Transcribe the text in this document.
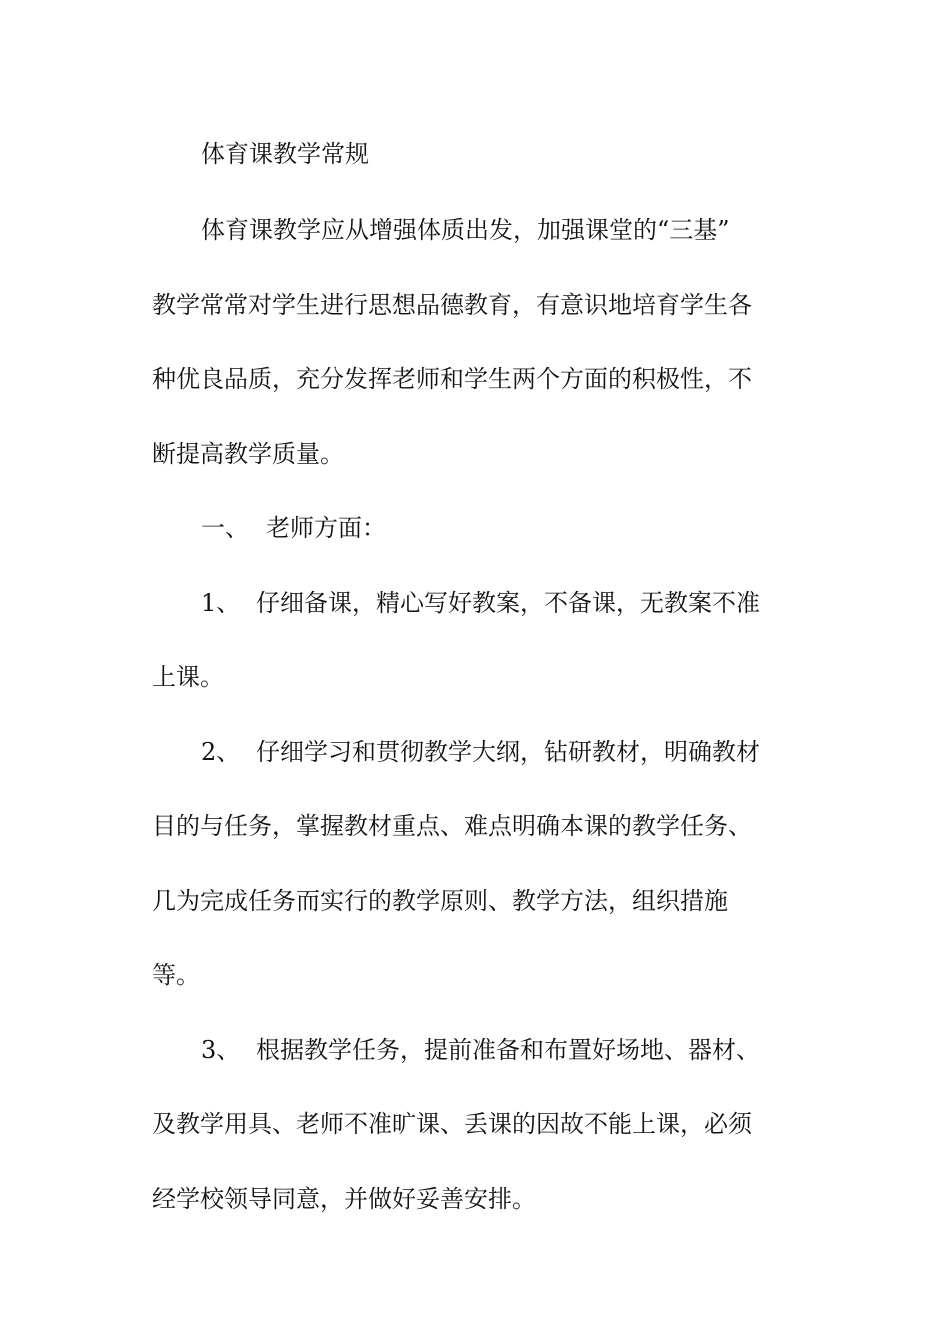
体育课教学常规

体育课教学应从增强体质出发，加强课堂的“三基”

教学常常对学生进行思想品德教育，有意识地培育学生各

种优良品质，充分发挥老师和学生两个方面的积极性，不

断提高教学质量。

一、 老师方面：

1、 仔细备课，精心写好教案，不备课，无教案不准

上课。

2、 仔细学习和贯彻教学大纲，钻研教材，明确教材

目的与任务，掌握教材重点、难点明确本课的教学任务、

几为完成任务而实行的教学原则、教学方法，组织措施

等。

3、 根据教学任务，提前准备和布置好场地、器材、

及教学用具、老师不准旷课、丢课的因故不能上课，必须

经学校领导同意，并做好妥善安排。
